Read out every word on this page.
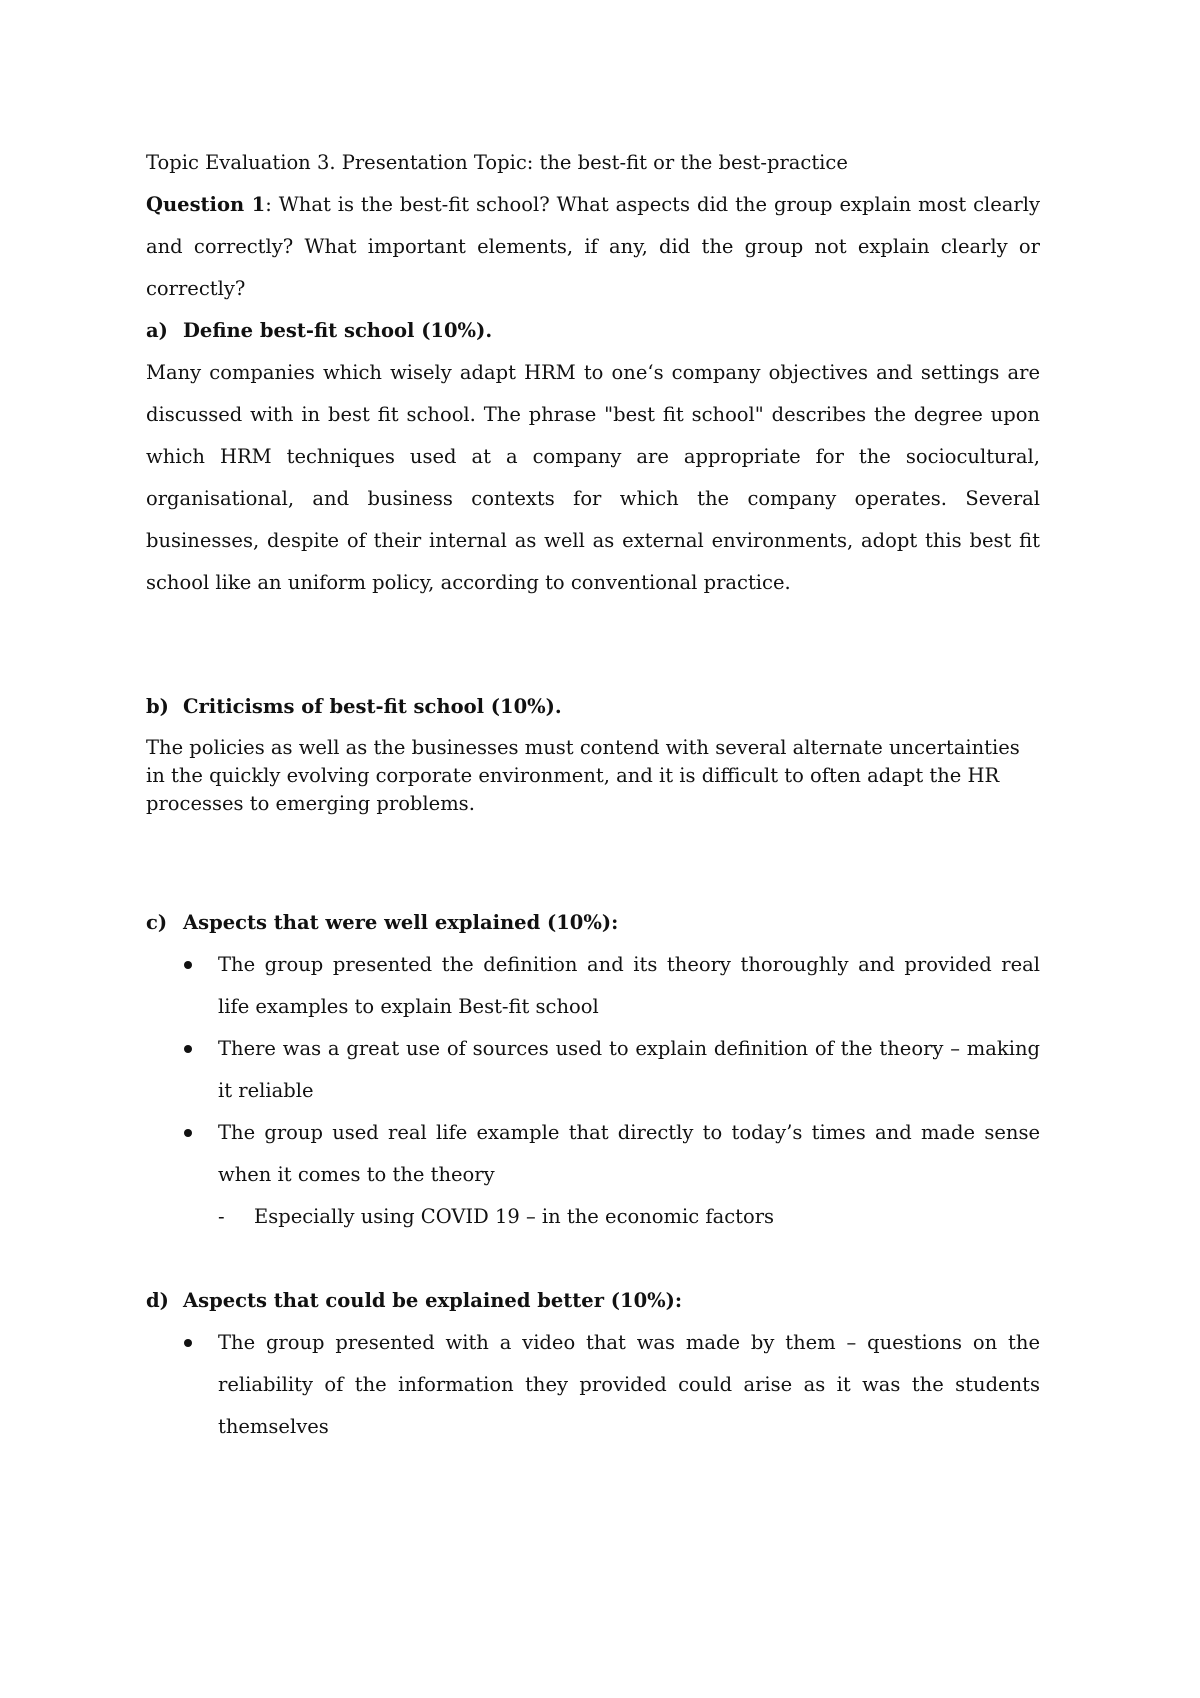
Topic Evaluation 3. Presentation Topic: the best-fit or the best-practice

Question 1: What is the best-fit school? What aspects did the group explain most clearly and correctly? What important elements, if any, did the group not explain clearly or correctly?

a) Define best-fit school (10%).

Many companies which wisely adapt HRM to one‘s company objectives and settings are discussed with in best fit school. The phrase "best fit school" describes the degree upon which HRM techniques used at a company are appropriate for the sociocultural, organisational, and business contexts for which the company operates. Several businesses, despite of their internal as well as external environments, adopt this best fit school like an uniform policy, according to conventional practice.

b) Criticisms of best-fit school (10%).

The policies as well as the businesses must contend with several alternate uncertainties in the quickly evolving corporate environment, and it is difficult to often adapt the HR processes to emerging problems.

c) Aspects that were well explained (10%):

The group presented the definition and its theory thoroughly and provided real life examples to explain Best-fit school
There was a great use of sources used to explain definition of the theory – making it reliable
The group used real life example that directly to today’s times and made sense when it comes to the theory
- Especially using COVID 19 – in the economic factors

d) Aspects that could be explained better (10%):

The group presented with a video that was made by them – questions on the reliability of the information they provided could arise as it was the students themselves
